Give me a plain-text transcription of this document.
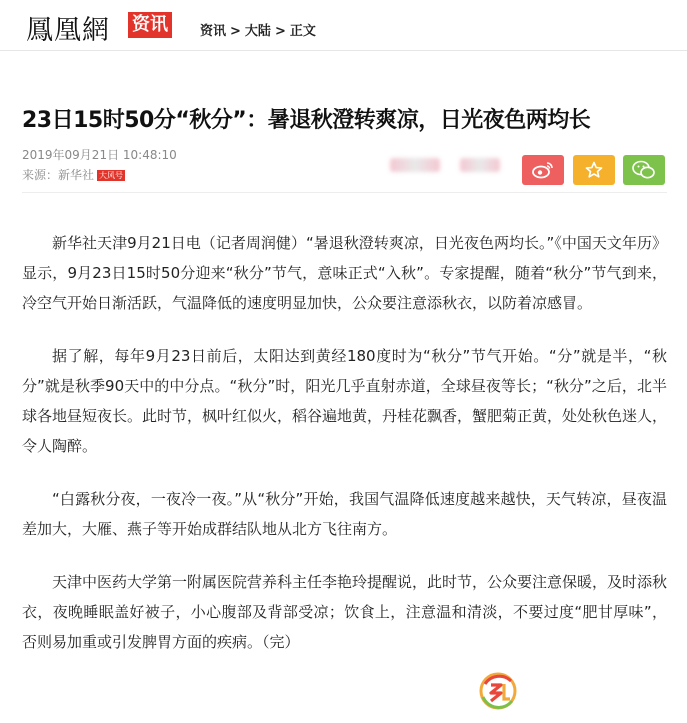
鳳凰網 资讯	资讯 > 大陆 > 正文
23日15时50分“秋分”：暑退秋澄转爽凉，日光夜色两均长
2019年09月21日 10:48:10
来源：新华社 大风号

新华社天津9月21日电（记者周润健）“暑退秋澄转爽凉，日光夜色两均长。”《中国天文年历》显示，9月23日15时50分迎来“秋分”节气，意味正式“入秋”。专家提醒，随着“秋分”节气到来，冷空气开始日渐活跃，气温降低的速度明显加快，公众要注意添秋衣，以防着凉感冒。

据了解，每年9月23日前后，太阳达到黄经180度时为“秋分”节气开始。“分”就是半，“秋分”就是秋季90天中的中分点。“秋分”时，阳光几乎直射赤道，全球昼夜等长；“秋分”之后，北半球各地昼短夜长。此时节，枫叶红似火，稻谷遍地黄，丹桂花飘香，蟹肥菊正黄，处处秋色迷人，令人陶醉。

“白露秋分夜，一夜冷一夜。”从“秋分”开始，我国气温降低速度越来越快，天气转凉，昼夜温差加大，大雁、燕子等开始成群结队地从北方飞往南方。

天津中医药大学第一附属医院营养科主任李艳玲提醒说，此时节，公众要注意保暖，及时添秋衣，夜晚睡眠盖好被子，小心腹部及背部受凉；饮食上，注意温和清淡，不要过度“肥甘厚味”，否则易加重或引发脾胃方面的疾病。（完）
